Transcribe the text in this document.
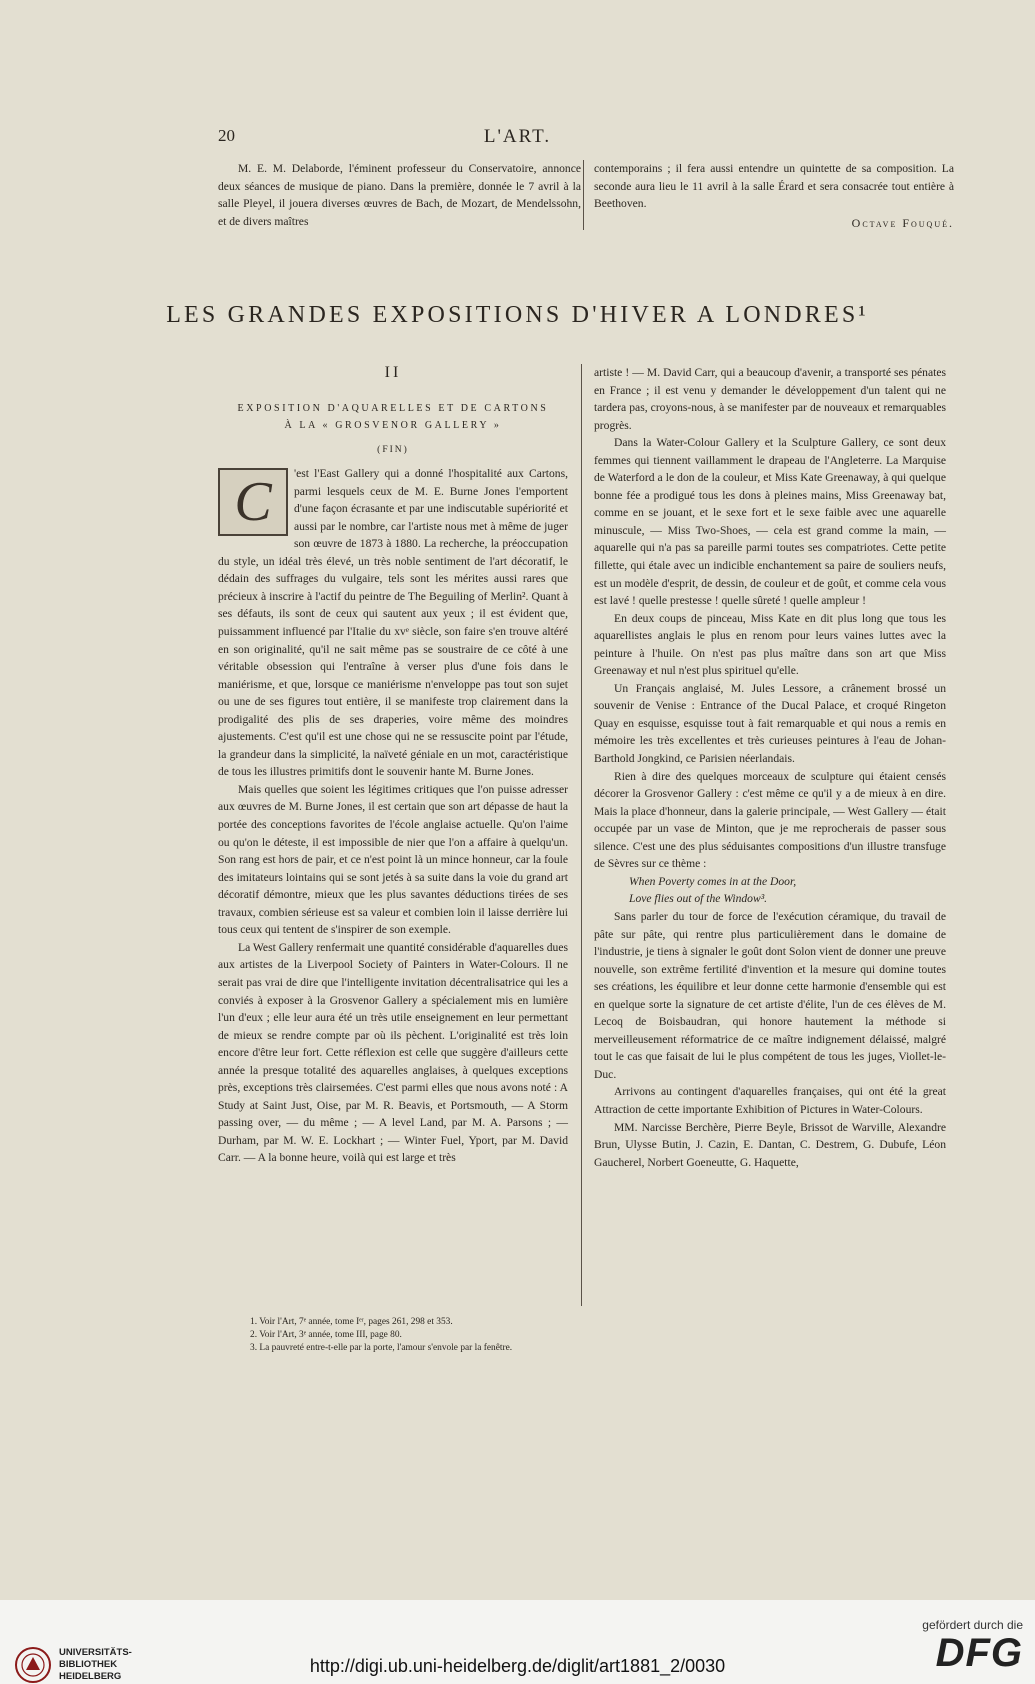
20	L'ART.

M. E. M. Delaborde, l'éminent professeur du Conservatoire, annonce deux séances de musique de piano. Dans la première, donnée le 7 avril à la salle Pleyel, il jouera diverses œuvres de Bach, de Mozart, de Mendelssohn, et de divers maîtres

contemporains ; il fera aussi entendre un quintette de sa composition. La seconde aura lieu le 11 avril à la salle Érard et sera consacrée tout entière à Beethoven.

Octave Fouqué.
LES GRANDES EXPOSITIONS D'HIVER A LONDRES¹
II
EXPOSITION D'AQUARELLES ET DE CARTONS
À LA « GROSVENOR GALLERY »
(FIN)

C	'est l'East Gallery qui a donné l'hospitalité aux Cartons, parmi lesquels ceux de M. E. Burne Jones l'emportent d'une façon écrasante et par une indiscutable supériorité et aussi par le nombre, car l'artiste nous met à même de juger son œuvre de 1873 à 1880. La recherche, la préoccupation du style, un idéal très élevé, un très noble sentiment de l'art décoratif, le dédain des suffrages du vulgaire, tels sont les mérites aussi rares que précieux à inscrire à l'actif du peintre de The Beguiling of Merlin². Quant à ses défauts, ils sont de ceux qui sautent aux yeux ; il est évident que, puissamment influencé par l'Italie du xvᵉ siècle, son faire s'en trouve altéré en son originalité, qu'il ne sait même pas se soustraire de ce côté à une véritable obsession qui l'entraîne à verser plus d'une fois dans le maniérisme, et que, lorsque ce maniérisme n'enveloppe pas tout son sujet ou une de ses figures tout entière, il se manifeste trop clairement dans la prodigalité des plis de ses draperies, voire même des moindres ajustements. C'est qu'il est une chose qui ne se ressuscite point par l'étude, la grandeur dans la simplicité, la naïveté géniale en un mot, caractéristique de tous les illustres primitifs dont le souvenir hante M. Burne Jones.

Mais quelles que soient les légitimes critiques que l'on puisse adresser aux œuvres de M. Burne Jones, il est certain que son art dépasse de haut la portée des conceptions favorites de l'école anglaise actuelle. Qu'on l'aime ou qu'on le déteste, il est impossible de nier que l'on a affaire à quelqu'un. Son rang est hors de pair, et ce n'est point là un mince honneur, car la foule des imitateurs lointains qui se sont jetés à sa suite dans la voie du grand art décoratif démontre, mieux que les plus savantes déductions tirées de ses travaux, combien sérieuse est sa valeur et combien loin il laisse derrière lui tous ceux qui tentent de s'inspirer de son exemple.

La West Gallery renfermait une quantité considérable d'aquarelles dues aux artistes de la Liverpool Society of Painters in Water-Colours. Il ne serait pas vrai de dire que l'intelligente invitation décentralisatrice qui les a conviés à exposer à la Grosvenor Gallery a spécialement mis en lumière l'un d'eux ; elle leur aura été un très utile enseignement en leur permettant de mieux se rendre compte par où ils pèchent. L'originalité est très loin encore d'être leur fort. Cette réflexion est celle que suggère d'ailleurs cette année la presque totalité des aquarelles anglaises, à quelques exceptions près, exceptions très clairsemées. C'est parmi elles que nous avons noté : A Study at Saint Just, Oise, par M. R. Beavis, et Portsmouth, — A Storm passing over, — du même ; — A level Land, par M. A. Parsons ; — Durham, par M. W. E. Lockhart ; — Winter Fuel, Yport, par M. David Carr. — A la bonne heure, voilà qui est large et très

artiste ! — M. David Carr, qui a beaucoup d'avenir, a transporté ses pénates en France ; il est venu y demander le développement d'un talent qui ne tardera pas, croyons-nous, à se manifester par de nouveaux et remarquables progrès.

Dans la Water-Colour Gallery et la Sculpture Gallery, ce sont deux femmes qui tiennent vaillamment le drapeau de l'Angleterre. La Marquise de Waterford a le don de la couleur, et Miss Kate Greenaway, à qui quelque bonne fée a prodigué tous les dons à pleines mains, Miss Greenaway bat, comme en se jouant, et le sexe fort et le sexe faible avec une aquarelle minuscule, — Miss Two-Shoes, — cela est grand comme la main, — aquarelle qui n'a pas sa pareille parmi toutes ses compatriotes. Cette petite fillette, qui étale avec un indicible enchantement sa paire de souliers neufs, est un modèle d'esprit, de dessin, de couleur et de goût, et comme cela vous est lavé ! quelle prestesse ! quelle sûreté ! quelle ampleur !

En deux coups de pinceau, Miss Kate en dit plus long que tous les aquarellistes anglais le plus en renom pour leurs vaines luttes avec la peinture à l'huile. On n'est pas plus maître dans son art que Miss Greenaway et nul n'est plus spirituel qu'elle.

Un Français anglaisé, M. Jules Lessore, a crânement brossé un souvenir de Venise : Entrance of the Ducal Palace, et croqué Ringeton Quay en esquisse, esquisse tout à fait remarquable et qui nous a remis en mémoire les très excellentes et très curieuses peintures à l'eau de Johan-Barthold Jongkind, ce Parisien néerlandais.

Rien à dire des quelques morceaux de sculpture qui étaient censés décorer la Grosvenor Gallery : c'est même ce qu'il y a de mieux à en dire. Mais la place d'honneur, dans la galerie principale, — West Gallery — était occupée par un vase de Minton, que je me reprocherais de passer sous silence. C'est une des plus séduisantes compositions d'un illustre transfuge de Sèvres sur ce thème :

When Poverty comes in at the Door,

Love flies out of the Window³.

Sans parler du tour de force de l'exécution céramique, du travail de pâte sur pâte, qui rentre plus particulièrement dans le domaine de l'industrie, je tiens à signaler le goût dont Solon vient de donner une preuve nouvelle, son extrême fertilité d'invention et la mesure qui domine toutes ses créations, les équilibre et leur donne cette harmonie d'ensemble qui est en quelque sorte la signature de cet artiste d'élite, l'un de ces élèves de M. Lecoq de Boisbaudran, qui honore hautement la méthode si merveilleusement réformatrice de ce maître indignement délaissé, malgré tout le cas que faisait de lui le plus compétent de tous les juges, Viollet-le-Duc.

Arrivons au contingent d'aquarelles françaises, qui ont été la great Attraction de cette importante Exhibition of Pictures in Water-Colours.

MM. Narcisse Berchère, Pierre Beyle, Brissot de Warville, Alexandre Brun, Ulysse Butin, J. Cazin, E. Dantan, C. Destrem, G. Dubufe, Léon Gaucherel, Norbert Goeneutte, G. Haquette,

1. Voir l'Art, 7ᵉ année, tome Iᵉʳ, pages 261, 298 et 353.
2. Voir l'Art, 3ᵉ année, tome III, page 80.
3. La pauvreté entre-t-elle par la porte, l'amour s'envole par la fenêtre.
UNIVERSITÄTS-
BIBLIOTHEK
HEIDELBERG
http://digi.ub.uni-heidelberg.de/diglit/art1881_2/0030
gefördert durch die
DFG
